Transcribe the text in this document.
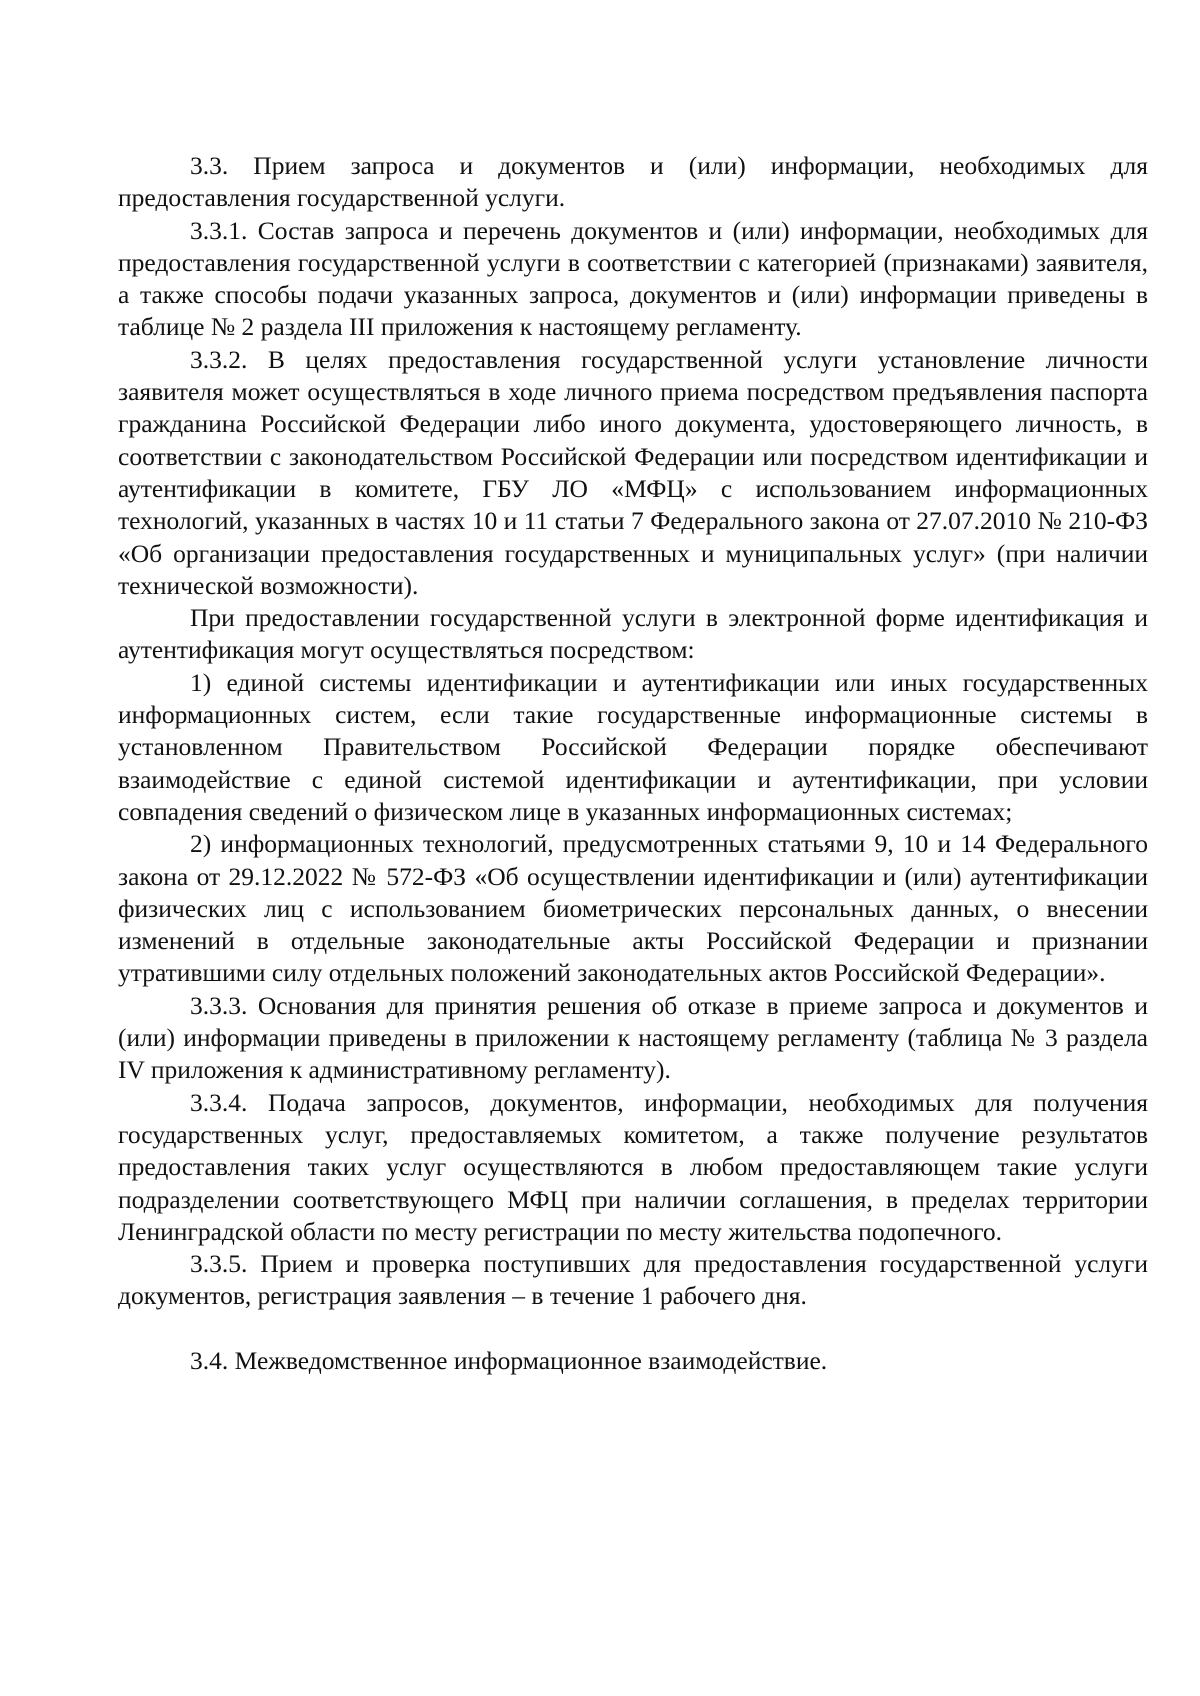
3.3. Прием запроса и документов и (или) информации, необходимых для предоставления государственной услуги.

3.3.1. Состав запроса и перечень документов и (или) информации, необходимых для предоставления государственной услуги в соответствии с категорией (признаками) заявителя, а также способы подачи указанных запроса, документов и (или) информации приведены в таблице № 2 раздела III приложения к настоящему регламенту.

3.3.2. В целях предоставления государственной услуги установление личности заявителя может осуществляться в ходе личного приема посредством предъявления паспорта гражданина Российской Федерации либо иного документа, удостоверяющего личность, в соответствии с законодательством Российской Федерации или посредством идентификации и аутентификации в комитете, ГБУ ЛО «МФЦ» с использованием информационных технологий, указанных в частях 10 и 11 статьи 7 Федерального закона от 27.07.2010 № 210-ФЗ «Об организации предоставления государственных и муниципальных услуг» (при наличии технической возможности).

При предоставлении государственной услуги в электронной форме идентификация и аутентификация могут осуществляться посредством:

1) единой системы идентификации и аутентификации или иных государственных информационных систем, если такие государственные информационные системы в установленном Правительством Российской Федерации порядке обеспечивают взаимодействие с единой системой идентификации и аутентификации, при условии совпадения сведений о физическом лице в указанных информационных системах;

2) информационных технологий, предусмотренных статьями 9, 10 и 14 Федерального закона от 29.12.2022 № 572-ФЗ «Об осуществлении идентификации и (или) аутентификации физических лиц с использованием биометрических персональных данных, о внесении изменений в отдельные законодательные акты Российской Федерации и признании утратившими силу отдельных положений законодательных актов Российской Федерации».

3.3.3. Основания для принятия решения об отказе в приеме запроса и документов и (или) информации приведены в приложении к настоящему регламенту (таблица № 3 раздела IV приложения к административному регламенту).

3.3.4. Подача запросов, документов, информации, необходимых для получения государственных услуг, предоставляемых комитетом, а также получение результатов предоставления таких услуг осуществляются в любом предоставляющем такие услуги подразделении соответствующего МФЦ при наличии соглашения, в пределах территории Ленинградской области по месту регистрации по месту жительства подопечного.

3.3.5. Прием и проверка поступивших для предоставления государственной услуги документов, регистрация заявления – в течение 1 рабочего дня.

3.4. Межведомственное информационное взаимодействие.
